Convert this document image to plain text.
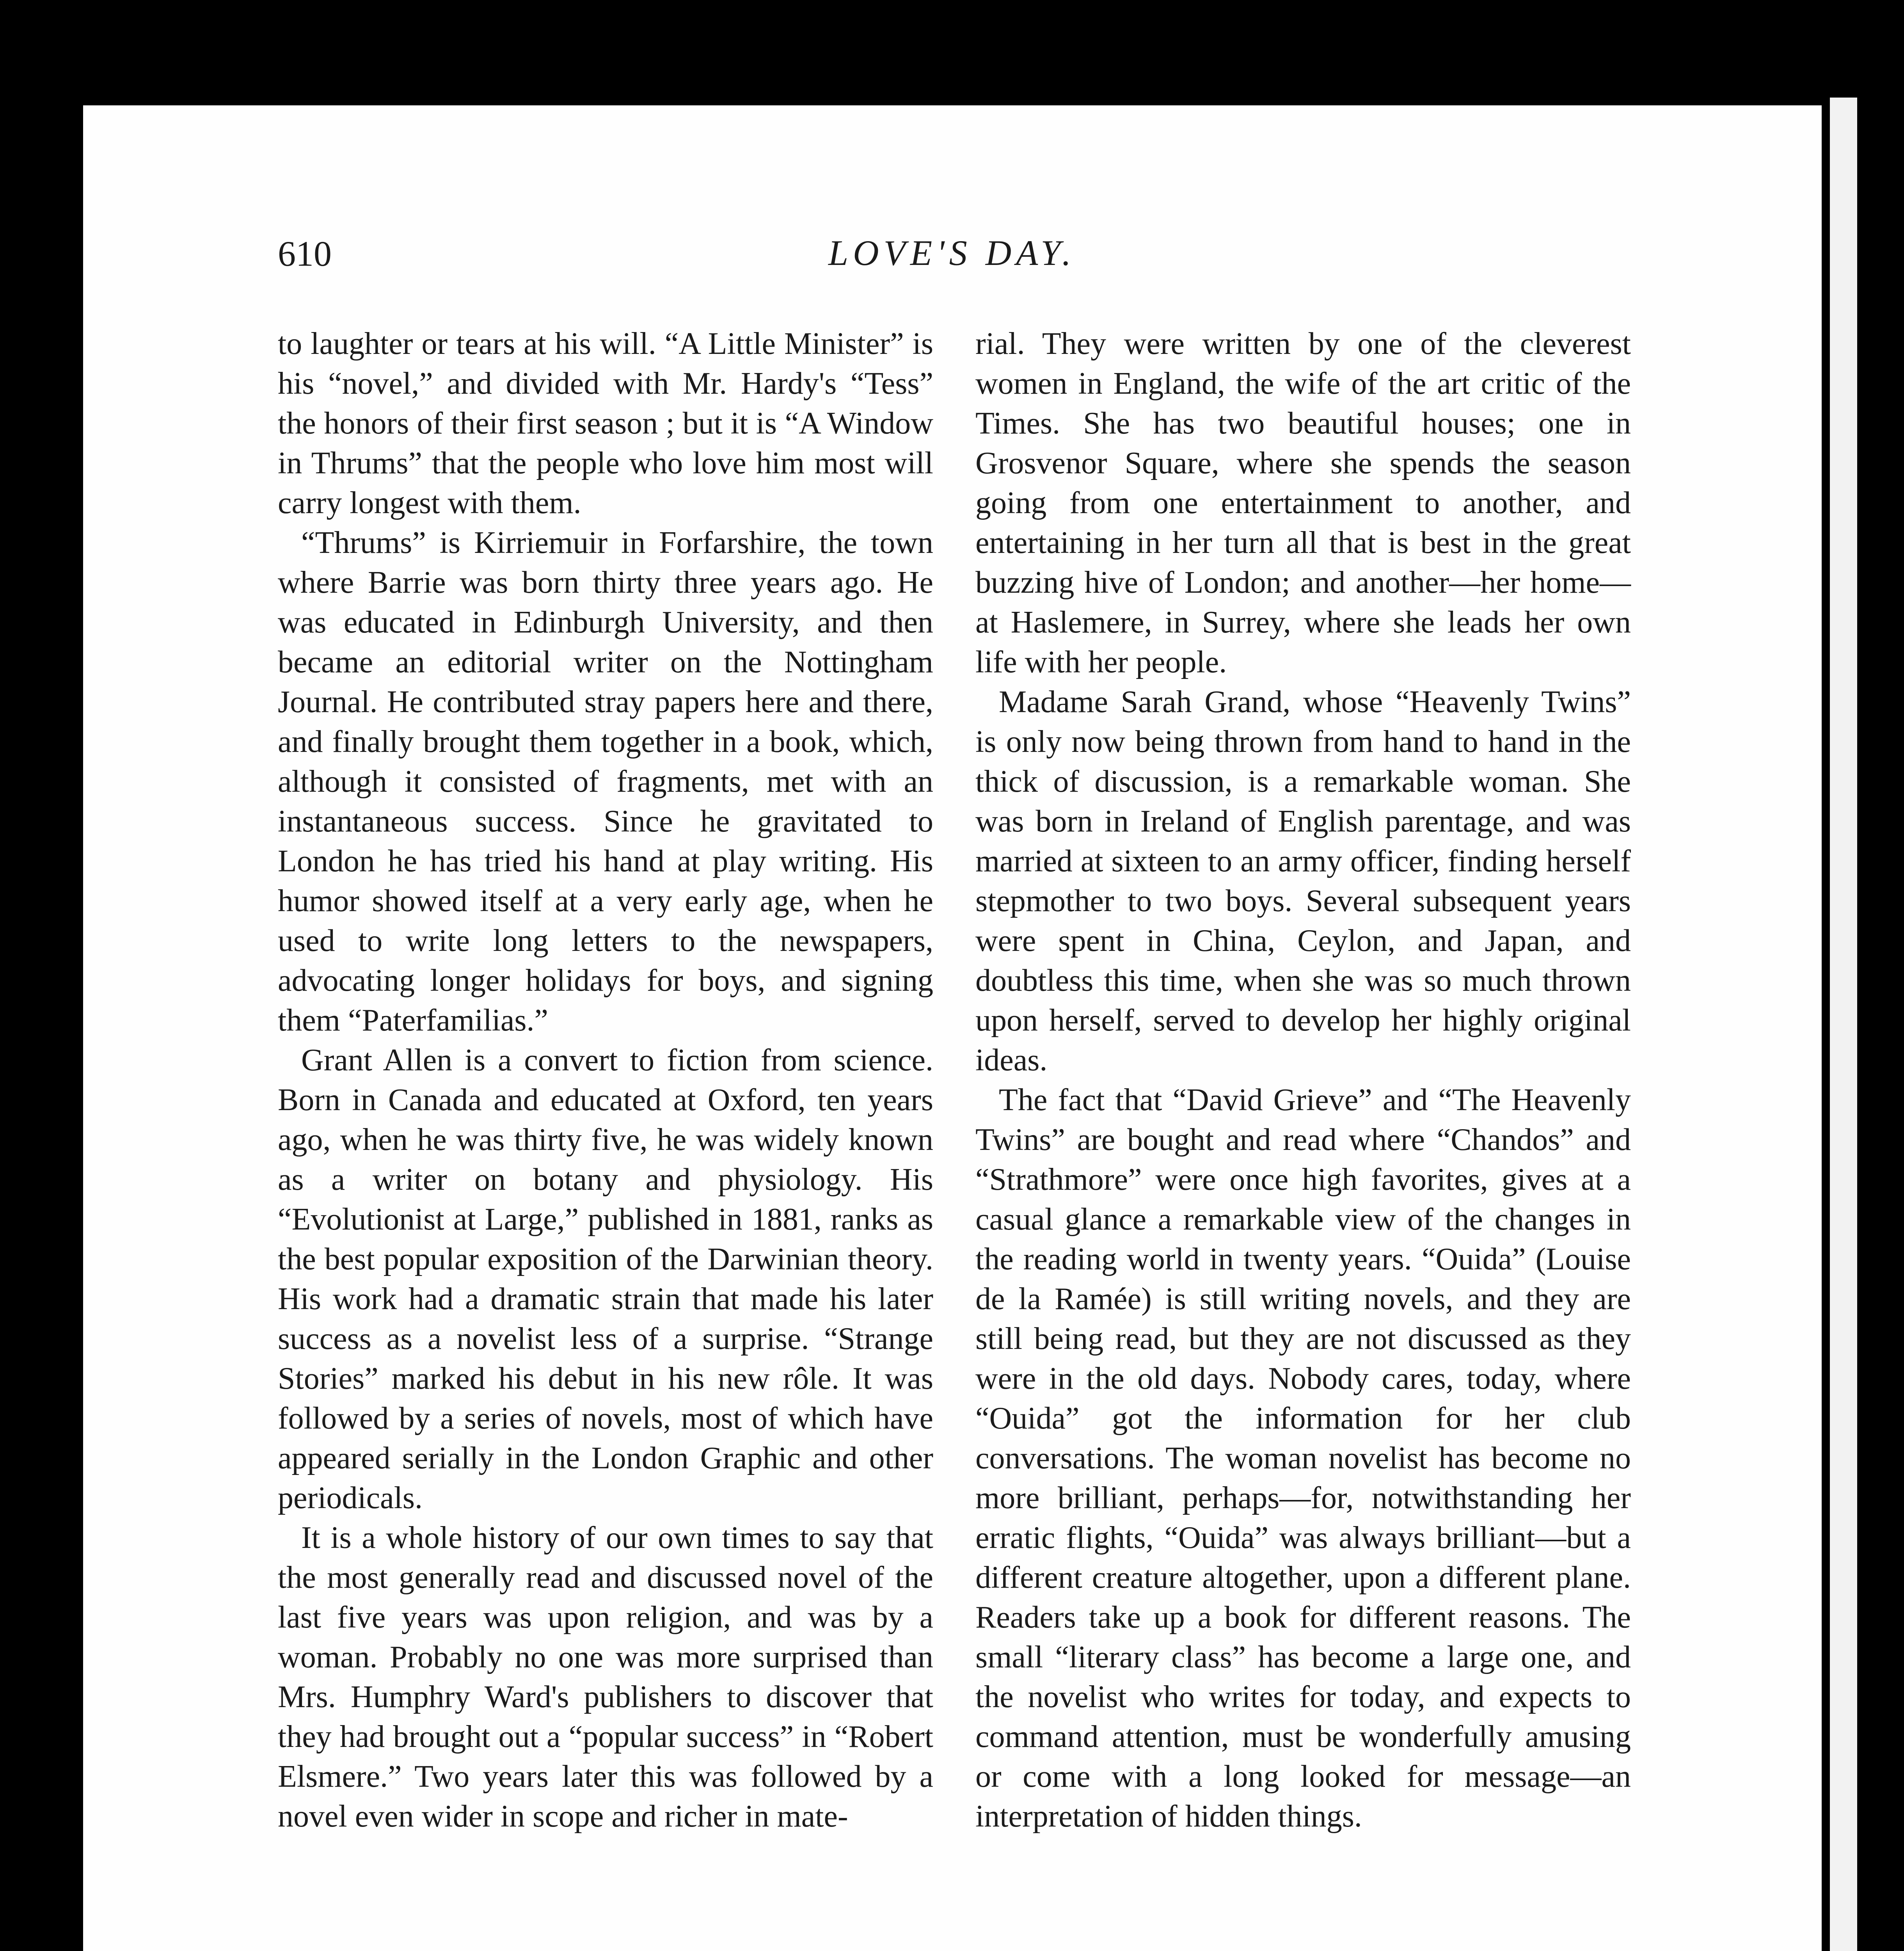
610	LOVE'S DAY.

to laughter or tears at his will. “A Little Minister” is his “novel,” and divided with Mr. Hardy's “Tess” the honors of their first season ; but it is “A Window in Thrums” that the people who love him most will carry longest with them.

“Thrums” is Kirriemuir in Forfarshire, the town where Barrie was born thirty three years ago. He was educated in Edinburgh University, and then became an editorial writer on the Nottingham Journal. He contributed stray papers here and there, and finally brought them together in a book, which, although it consisted of fragments, met with an instantaneous success. Since he gravitated to London he has tried his hand at play writing. His humor showed itself at a very early age, when he used to write long letters to the newspapers, advocating longer holidays for boys, and signing them “Paterfamilias.”

Grant Allen is a convert to fiction from science. Born in Canada and educated at Oxford, ten years ago, when he was thirty five, he was widely known as a writer on botany and physiology. His “Evolutionist at Large,” published in 1881, ranks as the best popular exposition of the Darwinian theory. His work had a dramatic strain that made his later success as a novelist less of a surprise. “Strange Stories” marked his debut in his new rôle. It was followed by a series of novels, most of which have appeared serially in the London Graphic and other periodicals.

It is a whole history of our own times to say that the most generally read and discussed novel of the last five years was upon religion, and was by a woman. Probably no one was more surprised than Mrs. Humphry Ward's publishers to discover that they had brought out a “popular success” in “Robert Elsmere.” Two years later this was followed by a novel even wider in scope and richer in mate-

rial. They were written by one of the cleverest women in England, the wife of the art critic of the Times. She has two beautiful houses; one in Grosvenor Square, where she spends the season going from one entertainment to another, and entertaining in her turn all that is best in the great buzzing hive of London; and another—her home—at Haslemere, in Surrey, where she leads her own life with her people.

Madame Sarah Grand, whose “Heavenly Twins” is only now being thrown from hand to hand in the thick of discussion, is a remarkable woman. She was born in Ireland of English parentage, and was married at sixteen to an army officer, finding herself stepmother to two boys. Several subsequent years were spent in China, Ceylon, and Japan, and doubtless this time, when she was so much thrown upon herself, served to develop her highly original ideas.

The fact that “David Grieve” and “The Heavenly Twins” are bought and read where “Chandos” and “Strathmore” were once high favorites, gives at a casual glance a remarkable view of the changes in the reading world in twenty years. “Ouida” (Louise de la Ramée) is still writing novels, and they are still being read, but they are not discussed as they were in the old days. Nobody cares, today, where “Ouida” got the information for her club conversations. The woman novelist has become no more brilliant, perhaps—for, notwithstanding her erratic flights, “Ouida” was always brilliant—but a different creature altogether, upon a different plane. Readers take up a book for different reasons. The small “literary class” has become a large one, and the novelist who writes for today, and expects to command attention, must be wonderfully amusing or come with a long looked for message—an interpretation of hidden things.
